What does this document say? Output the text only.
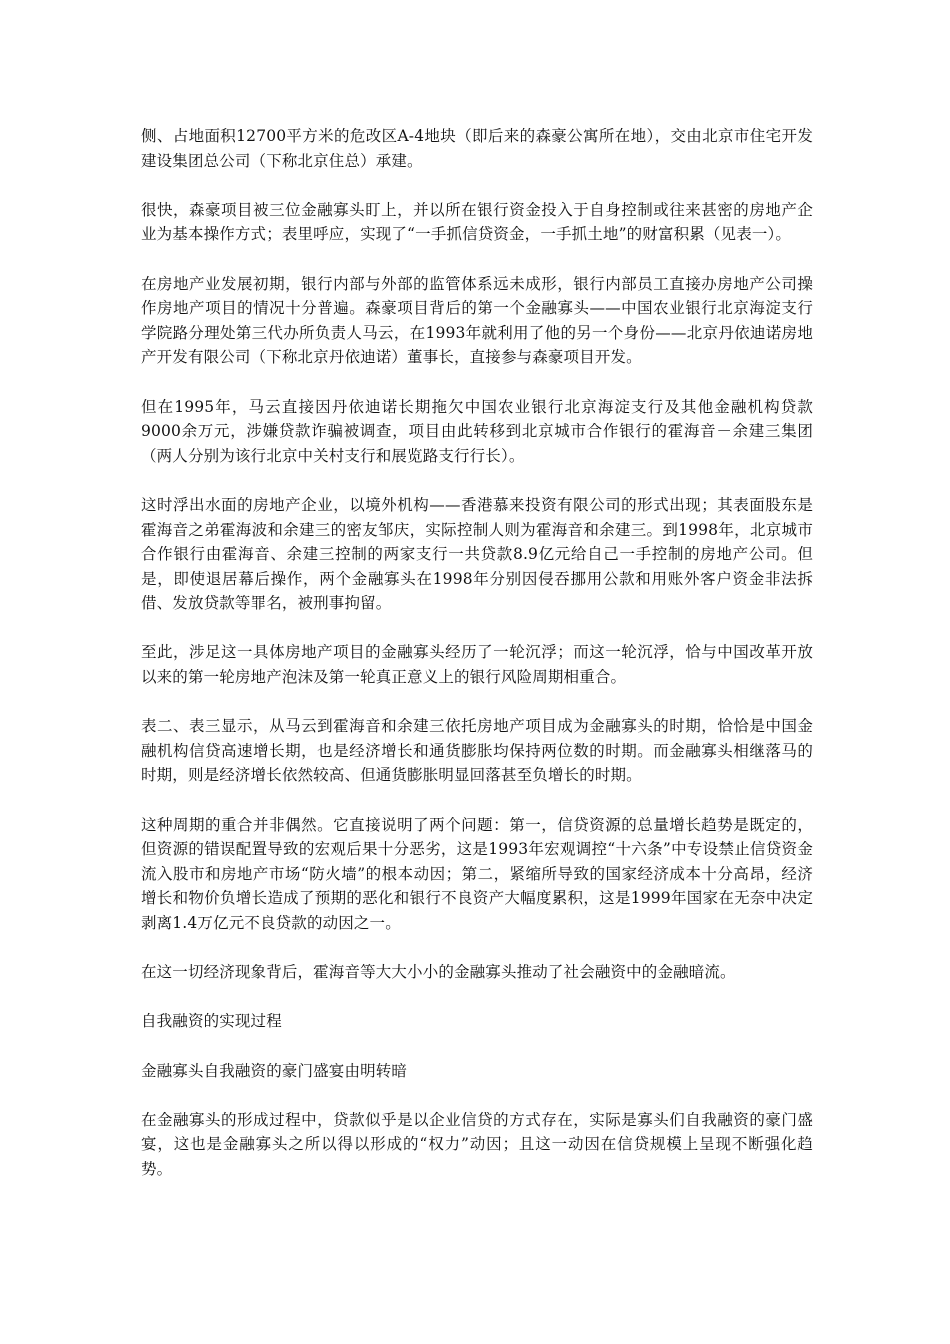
侧、占地面积12700平方米的危改区A-4地块（即后来的森豪公寓所在地），交由北京市住宅开发建设集团总公司（下称北京住总）承建。

很快，森豪项目被三位金融寡头盯上，并以所在银行资金投入于自身控制或往来甚密的房地产企业为基本操作方式；表里呼应，实现了“一手抓信贷资金，一手抓土地”的财富积累（见表一）。

在房地产业发展初期，银行内部与外部的监管体系远未成形，银行内部员工直接办房地产公司操作房地产项目的情况十分普遍。森豪项目背后的第一个金融寡头——中国农业银行北京海淀支行学院路分理处第三代办所负责人马云，在1993年就利用了他的另一个身份——北京丹依迪诺房地产开发有限公司（下称北京丹依迪诺）董事长，直接参与森豪项目开发。

但在1995年，马云直接因丹依迪诺长期拖欠中国农业银行北京海淀支行及其他金融机构贷款9000余万元，涉嫌贷款诈骗被调查，项目由此转移到北京城市合作银行的霍海音－余建三集团（两人分别为该行北京中关村支行和展览路支行行长）。

这时浮出水面的房地产企业，以境外机构——香港慕来投资有限公司的形式出现；其表面股东是霍海音之弟霍海波和余建三的密友邹庆，实际控制人则为霍海音和余建三。到1998年，北京城市合作银行由霍海音、余建三控制的两家支行一共贷款8.9亿元给自己一手控制的房地产公司。但是，即使退居幕后操作，两个金融寡头在1998年分别因侵吞挪用公款和用账外客户资金非法拆借、发放贷款等罪名，被刑事拘留。

至此，涉足这一具体房地产项目的金融寡头经历了一轮沉浮；而这一轮沉浮，恰与中国改革开放以来的第一轮房地产泡沫及第一轮真正意义上的银行风险周期相重合。

表二、表三显示，从马云到霍海音和余建三依托房地产项目成为金融寡头的时期，恰恰是中国金融机构信贷高速增长期，也是经济增长和通货膨胀均保持两位数的时期。而金融寡头相继落马的时期，则是经济增长依然较高、但通货膨胀明显回落甚至负增长的时期。

这种周期的重合并非偶然。它直接说明了两个问题：第一，信贷资源的总量增长趋势是既定的，但资源的错误配置导致的宏观后果十分恶劣，这是1993年宏观调控“十六条”中专设禁止信贷资金流入股市和房地产市场“防火墙”的根本动因；第二，紧缩所导致的国家经济成本十分高昂，经济增长和物价负增长造成了预期的恶化和银行不良资产大幅度累积，这是1999年国家在无奈中决定剥离1.4万亿元不良贷款的动因之一。

在这一切经济现象背后，霍海音等大大小小的金融寡头推动了社会融资中的金融暗流。

自我融资的实现过程

金融寡头自我融资的豪门盛宴由明转暗

在金融寡头的形成过程中，贷款似乎是以企业信贷的方式存在，实际是寡头们自我融资的豪门盛宴，这也是金融寡头之所以得以形成的“权力”动因；且这一动因在信贷规模上呈现不断强化趋势。
